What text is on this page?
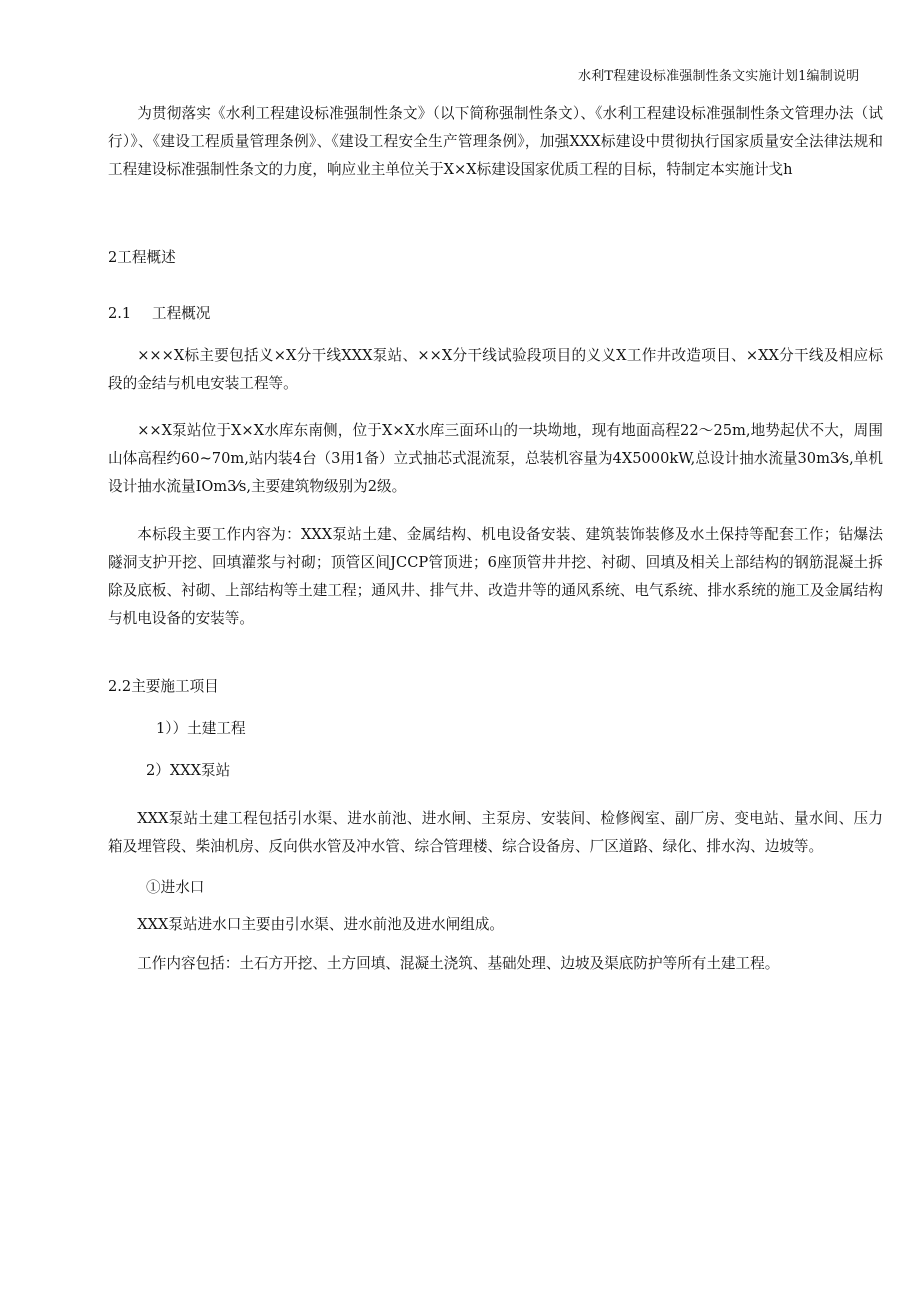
水利T程建设标准强制性条文实施计划1编制说明

为贯彻落实《水利工程建设标准强制性条文》（以下简称强制性条文）、《水利工程建设标准强制性条文管理办法（试行）》、《建设工程质量管理条例》、《建设工程安全生产管理条例》，加强XXX标建设中贯彻执行国家质量安全法律法规和工程建设标准强制性条文的力度，响应业主单位关于X×X标建设国家优质工程的目标，特制定本实施计戈h

2工程概述

2.1 工程概况

×××X标主要包括义×X分干线XXX泵站、××X分干线试验段项目的义义X工作井改造项目、×XX分干线及相应标段的金结与机电安装工程等。

××X泵站位于X×X水库东南侧，位于X×X水库三面环山的一块坳地，现有地面高程22～25m,地势起伏不大，周围山体高程约60~70m,站内装4台（3用1备）立式抽芯式混流泵，总装机容量为4X5000kW,总设计抽水流量30m3⁄s,单机设计抽水流量IOm3⁄s,主要建筑物级别为2级。

本标段主要工作内容为：XXX泵站土建、金属结构、机电设备安装、建筑装饰装修及水土保持等配套工作；钻爆法隧洞支护开挖、回填灌浆与衬砌；顶管区间JCCP管顶进；6座顶管井井挖、衬砌、回填及相关上部结构的钢筋混凝土拆除及底板、衬砌、上部结构等土建工程；通风井、排气井、改造井等的通风系统、电气系统、排水系统的施工及金属结构与机电设备的安装等。

2.2主要施工项目

1））土建工程

2）XXX泵站

XXX泵站土建工程包括引水渠、进水前池、进水闸、主泵房、安装间、检修阀室、副厂房、变电站、量水间、压力箱及埋管段、柴油机房、反向供水管及冲水管、综合管理楼、综合设备房、厂区道路、绿化、排水沟、边坡等。

①进水口

XXX泵站进水口主要由引水渠、进水前池及进水闸组成。

工作内容包括：土石方开挖、土方回填、混凝土浇筑、基础处理、边坡及渠底防护等所有土建工程。
